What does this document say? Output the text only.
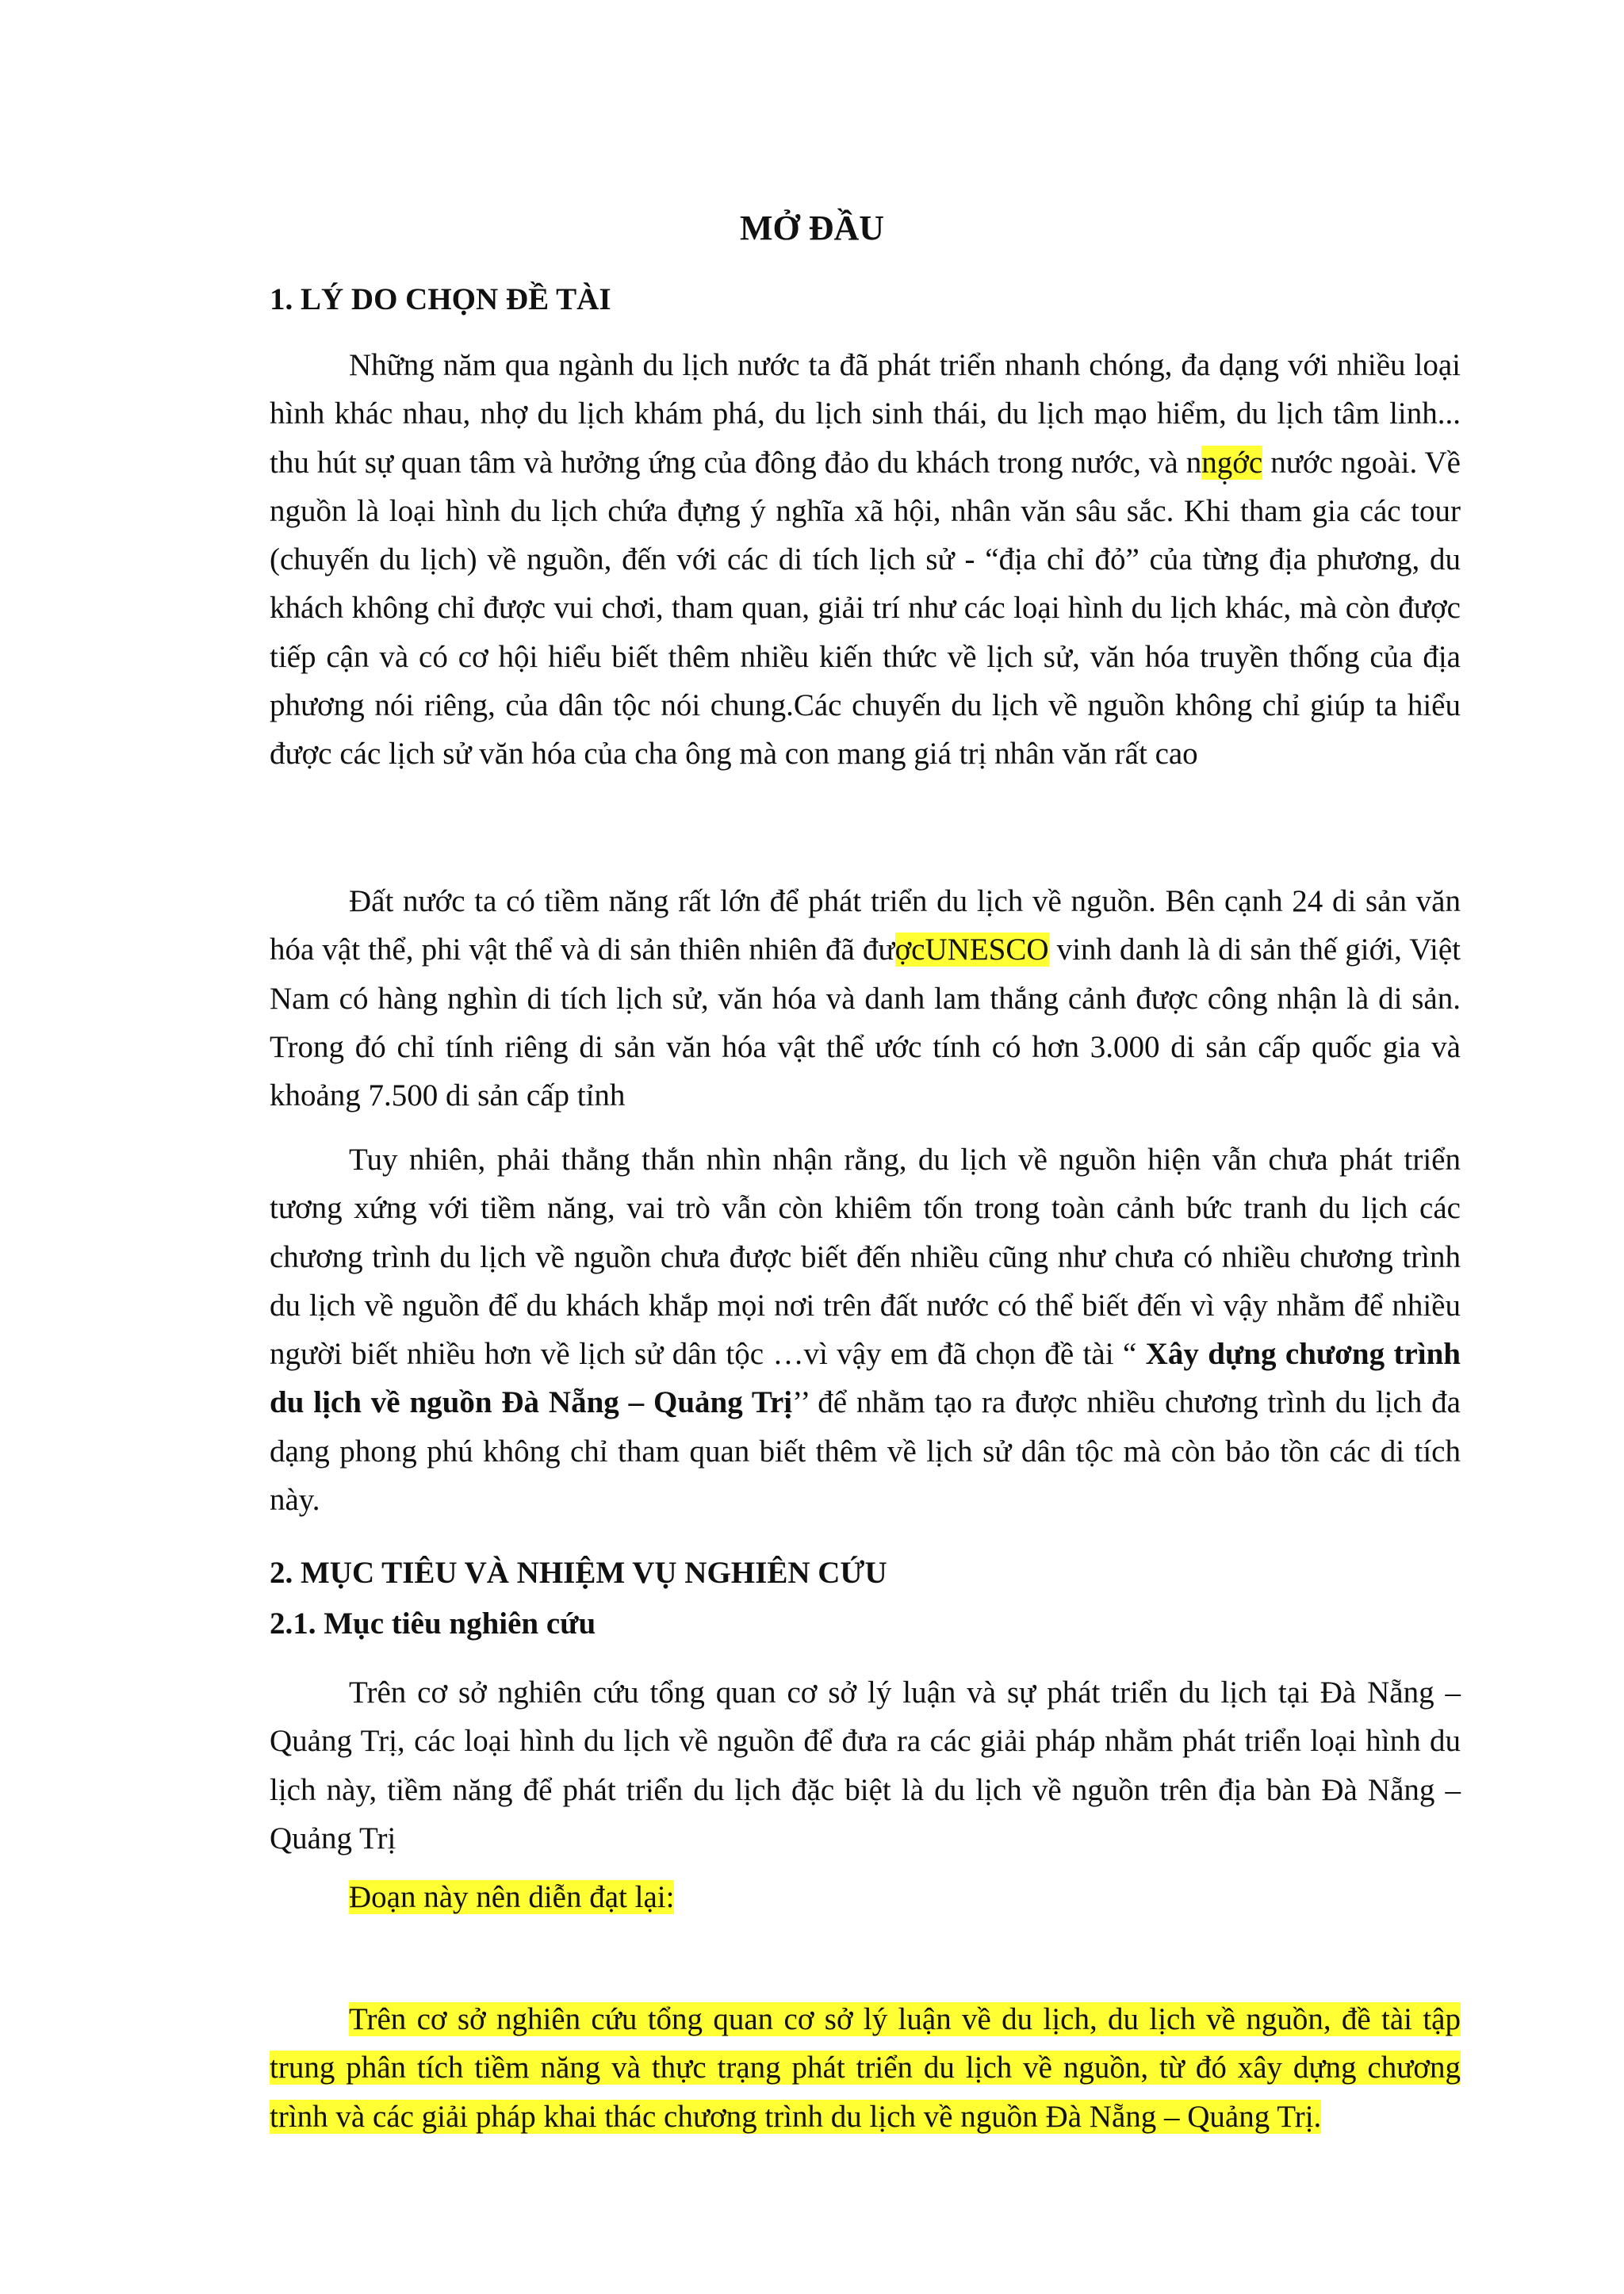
MỞ ĐẦU
1. LÝ DO CHỌN ĐỀ TÀI

Những năm qua ngành du lịch nước ta đã phát triển nhanh chóng, đa dạng với nhiều loại hình khác nhau, nhợ du lịch khám phá, du lịch sinh thái, du lịch mạo hiểm, du lịch tâm linh... thu hút sự quan tâm và hưởng ứng của đông đảo du khách trong nước, và nng̣ớc nước ngoài. Về nguồn là loại hình du lịch chứa đựng ý nghĩa xã hội, nhân văn sâu sắc. Khi tham gia các tour (chuyến du lịch) về nguồn, đến với các di tích lịch sử - “địa chỉ đỏ” của từng địa phương, du khách không chỉ được vui chơi, tham quan, giải trí như các loại hình du lịch khác, mà còn được tiếp cận và có cơ hội hiểu biết thêm nhiều kiến thức về lịch sử, văn hóa truyền thống của địa phương nói riêng, của dân tộc nói chung.Các chuyến du lịch về nguồn không chỉ giúp ta hiểu được các lịch sử văn hóa của cha ông mà con mang giá trị nhân văn rất cao

Đất nước ta có tiềm năng rất lớn để phát triển du lịch về nguồn. Bên cạnh 24 di sản văn hóa vật thể, phi vật thể và di sản thiên nhiên đã đượcUNESCO vinh danh là di sản thế giới, Việt Nam có hàng nghìn di tích lịch sử, văn hóa và danh lam thắng cảnh được công nhận là di sản. Trong đó chỉ tính riêng di sản văn hóa vật thể ước tính có hơn 3.000 di sản cấp quốc gia và khoảng 7.500 di sản cấp tỉnh

Tuy nhiên, phải thẳng thắn nhìn nhận rằng, du lịch về nguồn hiện vẫn chưa phát triển tương xứng với tiềm năng, vai trò vẫn còn khiêm tốn trong toàn cảnh bức tranh du lịch các chương trình du lịch về nguồn chưa được biết đến nhiều cũng như chưa có nhiều chương trình du lịch về nguồn để du khách khắp mọi nơi trên đất nước có thể biết đến vì vậy nhằm để nhiều người biết nhiều hơn về lịch sử dân tộc …vì vậy em đã chọn đề tài “ Xây dựng chương trình du lịch về nguồn Đà Nẵng – Quảng Trị’’ để nhằm tạo ra được nhiều chương trình du lịch đa dạng phong phú không chỉ tham quan biết thêm về lịch sử dân tộc mà còn bảo tồn các di tích này.

2. MỤC TIÊU VÀ NHIỆM VỤ NGHIÊN CỨU
2.1. Mục tiêu nghiên cứu

Trên cơ sở nghiên cứu tổng quan cơ sở lý luận và sự phát triển du lịch tại Đà Nẵng – Quảng Trị, các loại hình du lịch về nguồn để đưa ra các giải pháp nhằm phát triển loại hình du lịch này, tiềm năng để phát triển du lịch đặc biệt là du lịch về nguồn trên địa bàn Đà Nẵng – Quảng Trị

Đoạn này nên diễn đạt lại:

Trên cơ sở nghiên cứu tổng quan cơ sở lý luận về du lịch, du lịch về nguồn, đề tài tập trung phân tích tiềm năng và thực trạng phát triển du lịch về nguồn, từ đó xây dựng chương trình và các giải pháp khai thác chương trình du lịch về nguồn Đà Nẵng – Quảng Trị.
